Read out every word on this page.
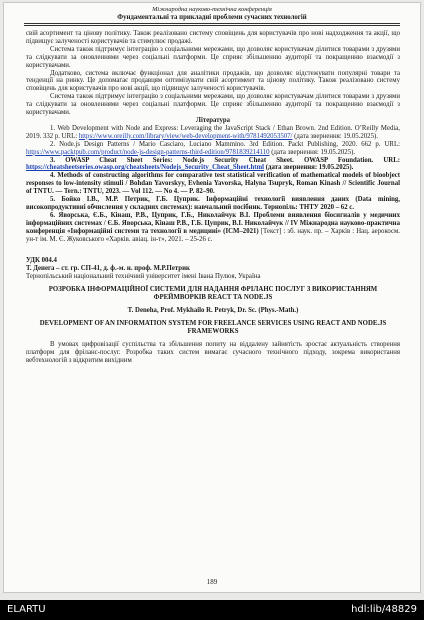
Міжнародна науково-технічна конференція
Фундаментальні та прикладні проблеми сучасних технологій

свій асортимент та цінову політику. Також реалізовано систему сповіщень для користувачів про нові надходження та акції, що підвищує залученості користувачів та стимулює продажі.

Система також підтримує інтеграцію з соціальними мережами, що дозволяє користувачам ділитися товарами з друзями та слідкувати за оновленнями через соціальні платформи. Це сприяє збільшенню аудиторії та покращенню взаємодії з користувачами.

Додатково, система включає функціонал для аналітики продажів, що дозволяє відстежувати популярні товари та тенденції на ринку. Це допомагає продавцям оптимізувати свій асортимент та цінову політику. Також реалізовано систему сповіщень для користувачів про нові акції, що підвищує залученості користувачів.

Система також підтримує інтеграцію з соціальними мережами, що дозволяє користувачам ділитися товарами з друзями та слідкувати за оновленнями через соціальні платформи. Це сприяє збільшенню аудиторії та покращенню взаємодії з користувачами.

Література

1. Web Development with Node and Express: Leveraging the JavaScript Stack / Ethan Brown. 2nd Edition. O’Reilly Media, 2019. 332 p. URL: https://www.oreilly.com/library/view/web-development-with/9781492053507/ (дата звернення: 19.05.2025).

2. Node.js Design Patterns / Mario Casciaro, Luciano Mammino. 3rd Edition. Packt Publishing, 2020. 662 p. URL: https://www.packtpub.com/product/node-js-design-patterns-third-edition/9781839214110 (дата звернення: 19.05.2025).

3. OWASP Cheat Sheet Series: Node.js Security Cheat Sheet. OWASP Foundation. URL: https://cheatsheetseries.owasp.org/cheatsheets/Nodejs_Security_Cheat_Sheet.html (дата звернення: 19.05.2025).

4. Methods of constructing algorithms for comparative test statistical verification of mathematical models of bioobject responses to low-intensity stimuli / Bohdan Yavorskyy, Evhenia Yavorska, Halyna Tsupryk, Roman Kinash // Scientific Journal of TNTU. — Tern.: TNTU, 2023. — Vol 112. — No 4. — P. 82–90.

5. Бойко І.В., М.Р. Петрик, Г.Б. Цуприк. Інформаційні технології виявлення даних (Data mining, високопродуктивні обчислення у складних системах): навчальний посібник. Тернопіль: ТНТУ 2020 – 62 с.

6. Яворська, Є.Б., Кінаш, Р.В., Цуприк, Г.Б., Николайчук В.І. Проблеми виявлення біосигналів у медичних інформаційних системах / Є.Б. Яворська, Кінаш Р.В., Г.Б. Цуприк, В.І. Николайчук // IV Міжнародна науково-практична конференція «Інформаційні системи та технології в медицині» (ICM–2021) [Текст] : зб. наук. пр. – Харків : Нац. аерокосм. ун-т ім. М. Є. Жуковського «Харків. авіац. ін-т», 2021. – 25-26 с.

УДК 004.4

Т. Денега – ст. гр. СП-41, д. ф.-м. н. проф. М.Р.Петрик

Тернопільський національний технічний університет імені Івана Пулюя, Україна

РОЗРОБКА ІНФОРМАЦІЙНОЇ СИСТЕМИ ДЛЯ НАДАННЯ ФРІЛАНС ПОСЛУГ З ВИКОРИСТАННЯМ ФРЕЙМВОРКІВ REACT ТА NODE.JS

T. Deneha, Prof. Mykhailo R. Petryk, Dr. Sc. (Phys.-Math.)

DEVELOPMENT OF AN INFORMATION SYSTEM FOR FREELANCE SERVICES USING REACT AND NODE.JS FRAMEWORKS

В умовах цифровізації суспільства та збільшення попиту на віддалену зайнятість зростає актуальність створення платформ для фріланс-послуг. Розробка таких систем вимагає сучасного технічного підходу, зокрема використання вебтехнологій з відкритим вихідним

189
ELARTU	hdl:lib/48829
